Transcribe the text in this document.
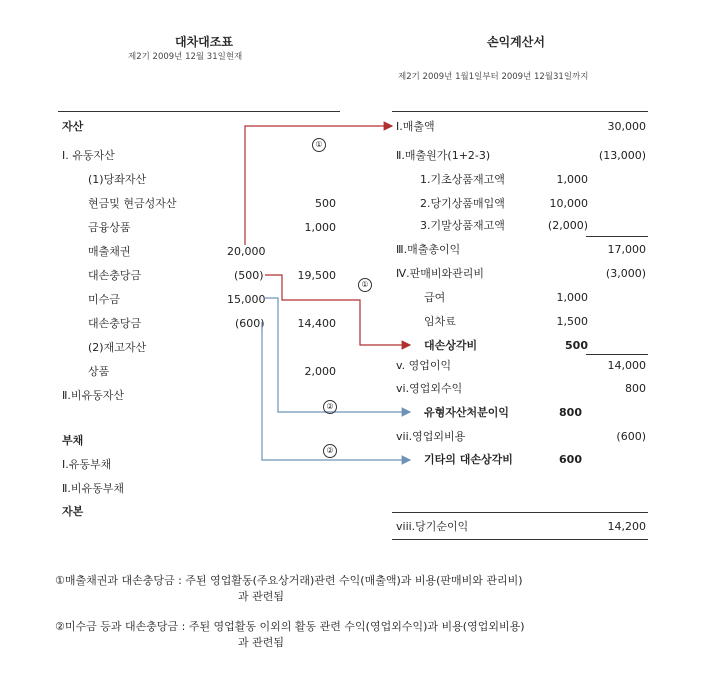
대차대조표
제2기 2009년 12월 31일현재
자산
Ⅰ. 유동자산
(1)당좌자산
현금및 현금성자산	500
금융상품	1,000
매출채권	20,000
대손충당금	(500)	19,500
미수금	15,000
대손충당금	(600)	14,400
(2)재고자산
상품	2,000
Ⅱ.비유동자산
부채
Ⅰ.유동부채
Ⅱ.비유동부채
자본
손익계산서
제2기 2009년 1월1일부터 2009년 12월31일까지
Ⅰ.매출액	30,000
Ⅱ.매출원가(1+2-3)	(13,000)
1.기초상품재고액	1,000
2.당기상품매입액	10,000
3.기말상품재고액	(2,000)
Ⅲ.매출총이익	17,000
Ⅳ.판매비와관리비	(3,000)
급여	1,000
임차료	1,500
대손상각비	500
v. 영업이익	14,000
vi.영업외수익	800
유형자산처분이익	800
vii.영업외비용	(600)
기타의 대손상각비	600
viii.당기순이익	14,200
①
①
②
②
①매출채권과 대손충당금 : 주된 영업활동(주요상거래)관련 수익(매출액)과 비용(판매비와 관리비)
과 관련됨
②미수금 등과 대손충당금 : 주된 영업활동 이외의 활동 관련 수익(영업외수익)과 비용(영업외비용)
과 관련됨
